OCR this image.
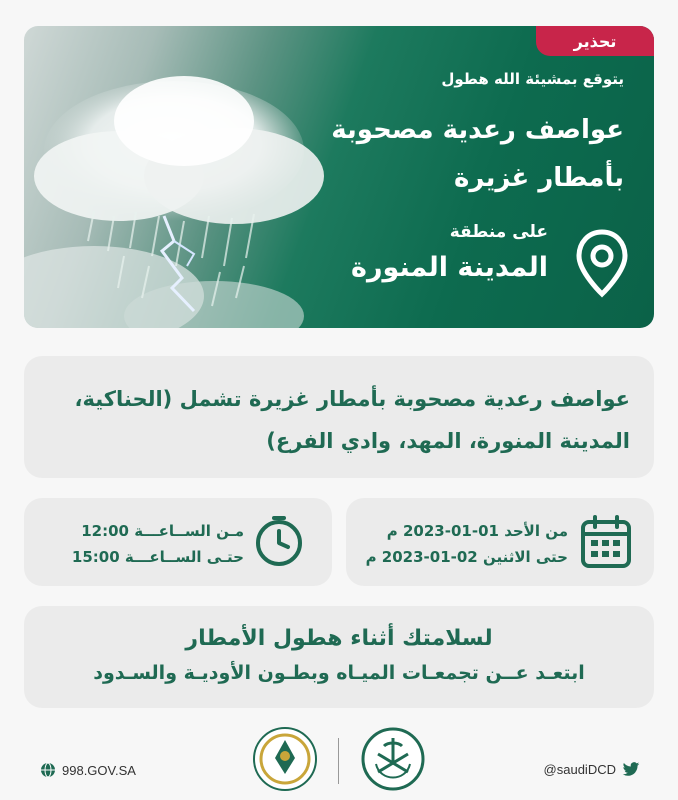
تحذير
يتوقع بمشيئة الله هطول
عواصف رعدية مصحوبة
بأمطار غزيرة
على منطقة
المدينة المنورة
عواصف رعدية مصحوبة بأمطار غزيرة تشمل (الحناكية،
المدينة المنورة، المهد، وادي الفرع)
مـن الســاعـــة 12:00
حتـى الســاعـــة 15:00
من الأحد 01-01-2023 م
حتى الاثنين 02-01-2023 م
لسلامتك أثناء هطول الأمطار
ابتعـد عــن تجمعـات الميـاه وبطـون الأوديـة والسـدود
998.GOV.SA	@saudiDCD
